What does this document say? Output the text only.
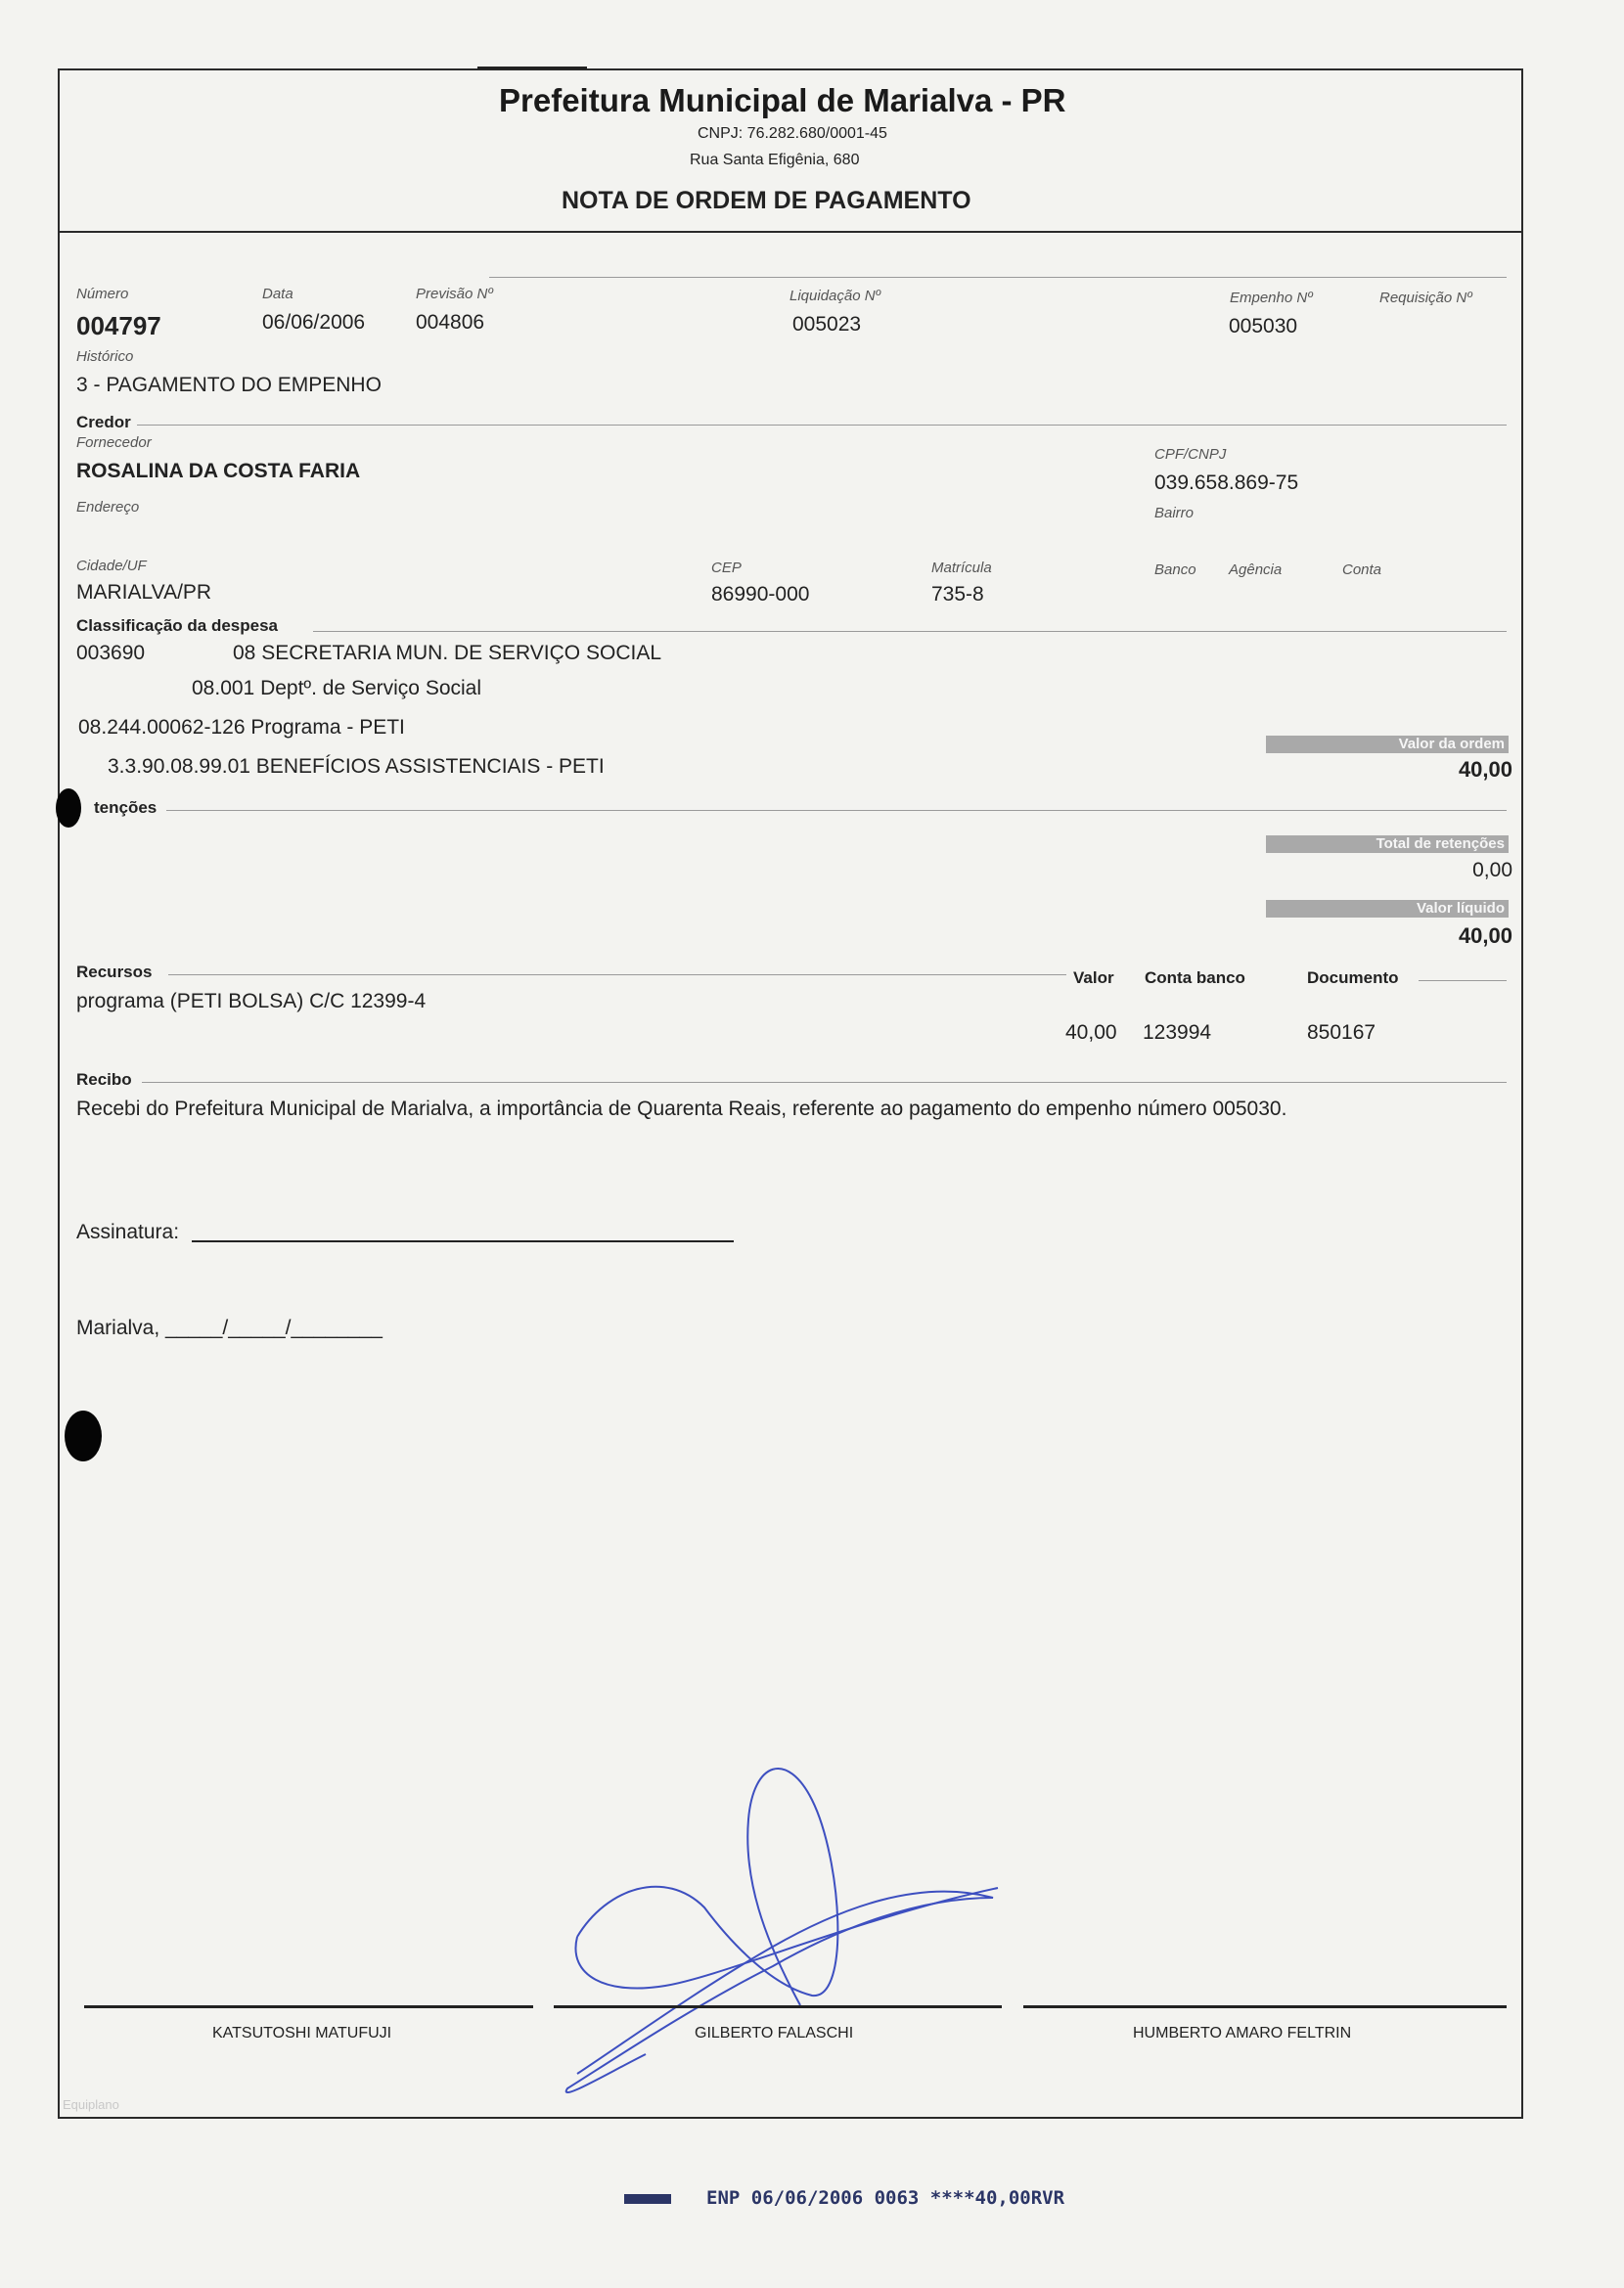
Prefeitura Municipal de Marialva - PR
CNPJ: 76.282.680/0001-45
Rua Santa Efigênia, 680
NOTA DE ORDEM DE PAGAMENTO
Número
004797
Data
06/06/2006
Previsão Nº
004806
Liquidação Nº
005023
Empenho Nº
005030
Requisição Nº
Histórico
3 - PAGAMENTO DO EMPENHO
Credor
Fornecedor
ROSALINA DA COSTA FARIA
CPF/CNPJ
039.658.869-75
Endereço	Bairro
Cidade/UF
MARIALVA/PR
CEP
86990-000
Matrícula
735-8
Banco Agência	Conta
Classificação da despesa
003690	08 SECRETARIA MUN. DE SERVIÇO SOCIAL
08.001 Deptº. de Serviço Social
08.244.00062-126 Programa - PETI
3.3.90.08.99.01 BENEFÍCIOS ASSISTENCIAIS - PETI
Valor da ordem
40,00
tenções
Total de retenções
0,00
Valor líquido
40,00
Recursos	Valor Conta banco	Documento
programa (PETI BOLSA) C/C 12399-4
40,00 123994	850167
Recibo
Recebi do Prefeitura Municipal de Marialva, a importância de Quarenta Reais, referente ao pagamento do empenho número 005030.
Assinatura:
Marialva, _____/_____/________
KATSUTOSHI MATUFUJI	GILBERTO FALASCHI	HUMBERTO AMARO FELTRIN
Equiplano
ENP 06/06/2006 0063 ****40,00RVR
